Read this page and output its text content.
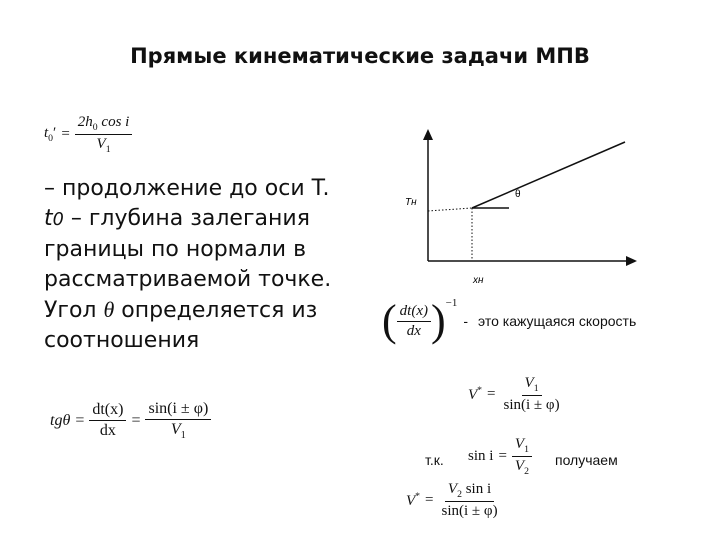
Прямые кинематические задачи МПВ
$t_0' = \frac{2h_0 \cos i}{V_1}$
– продолжение до оси T.
t0 – глубина залегания
границы по нормали в
рассматриваемой точке.
Угол θ определяется из
соотношения
$tg\theta = \frac{dt(x)}{dx} = \frac{\sin(i \pm \varphi)}{V_1}$
Тн
хн
θ
( $\frac{dt(x)}{dx} )^{-1}$
- это кажущаяся скорость
$V^* = \frac{V_1}{\sin(i \pm \varphi)}$
т.к. $\sin i = \frac{V_1}{V_2}$ получаем
$V^* = \frac{V_2 \sin i}{\sin(i \pm \varphi)}$
